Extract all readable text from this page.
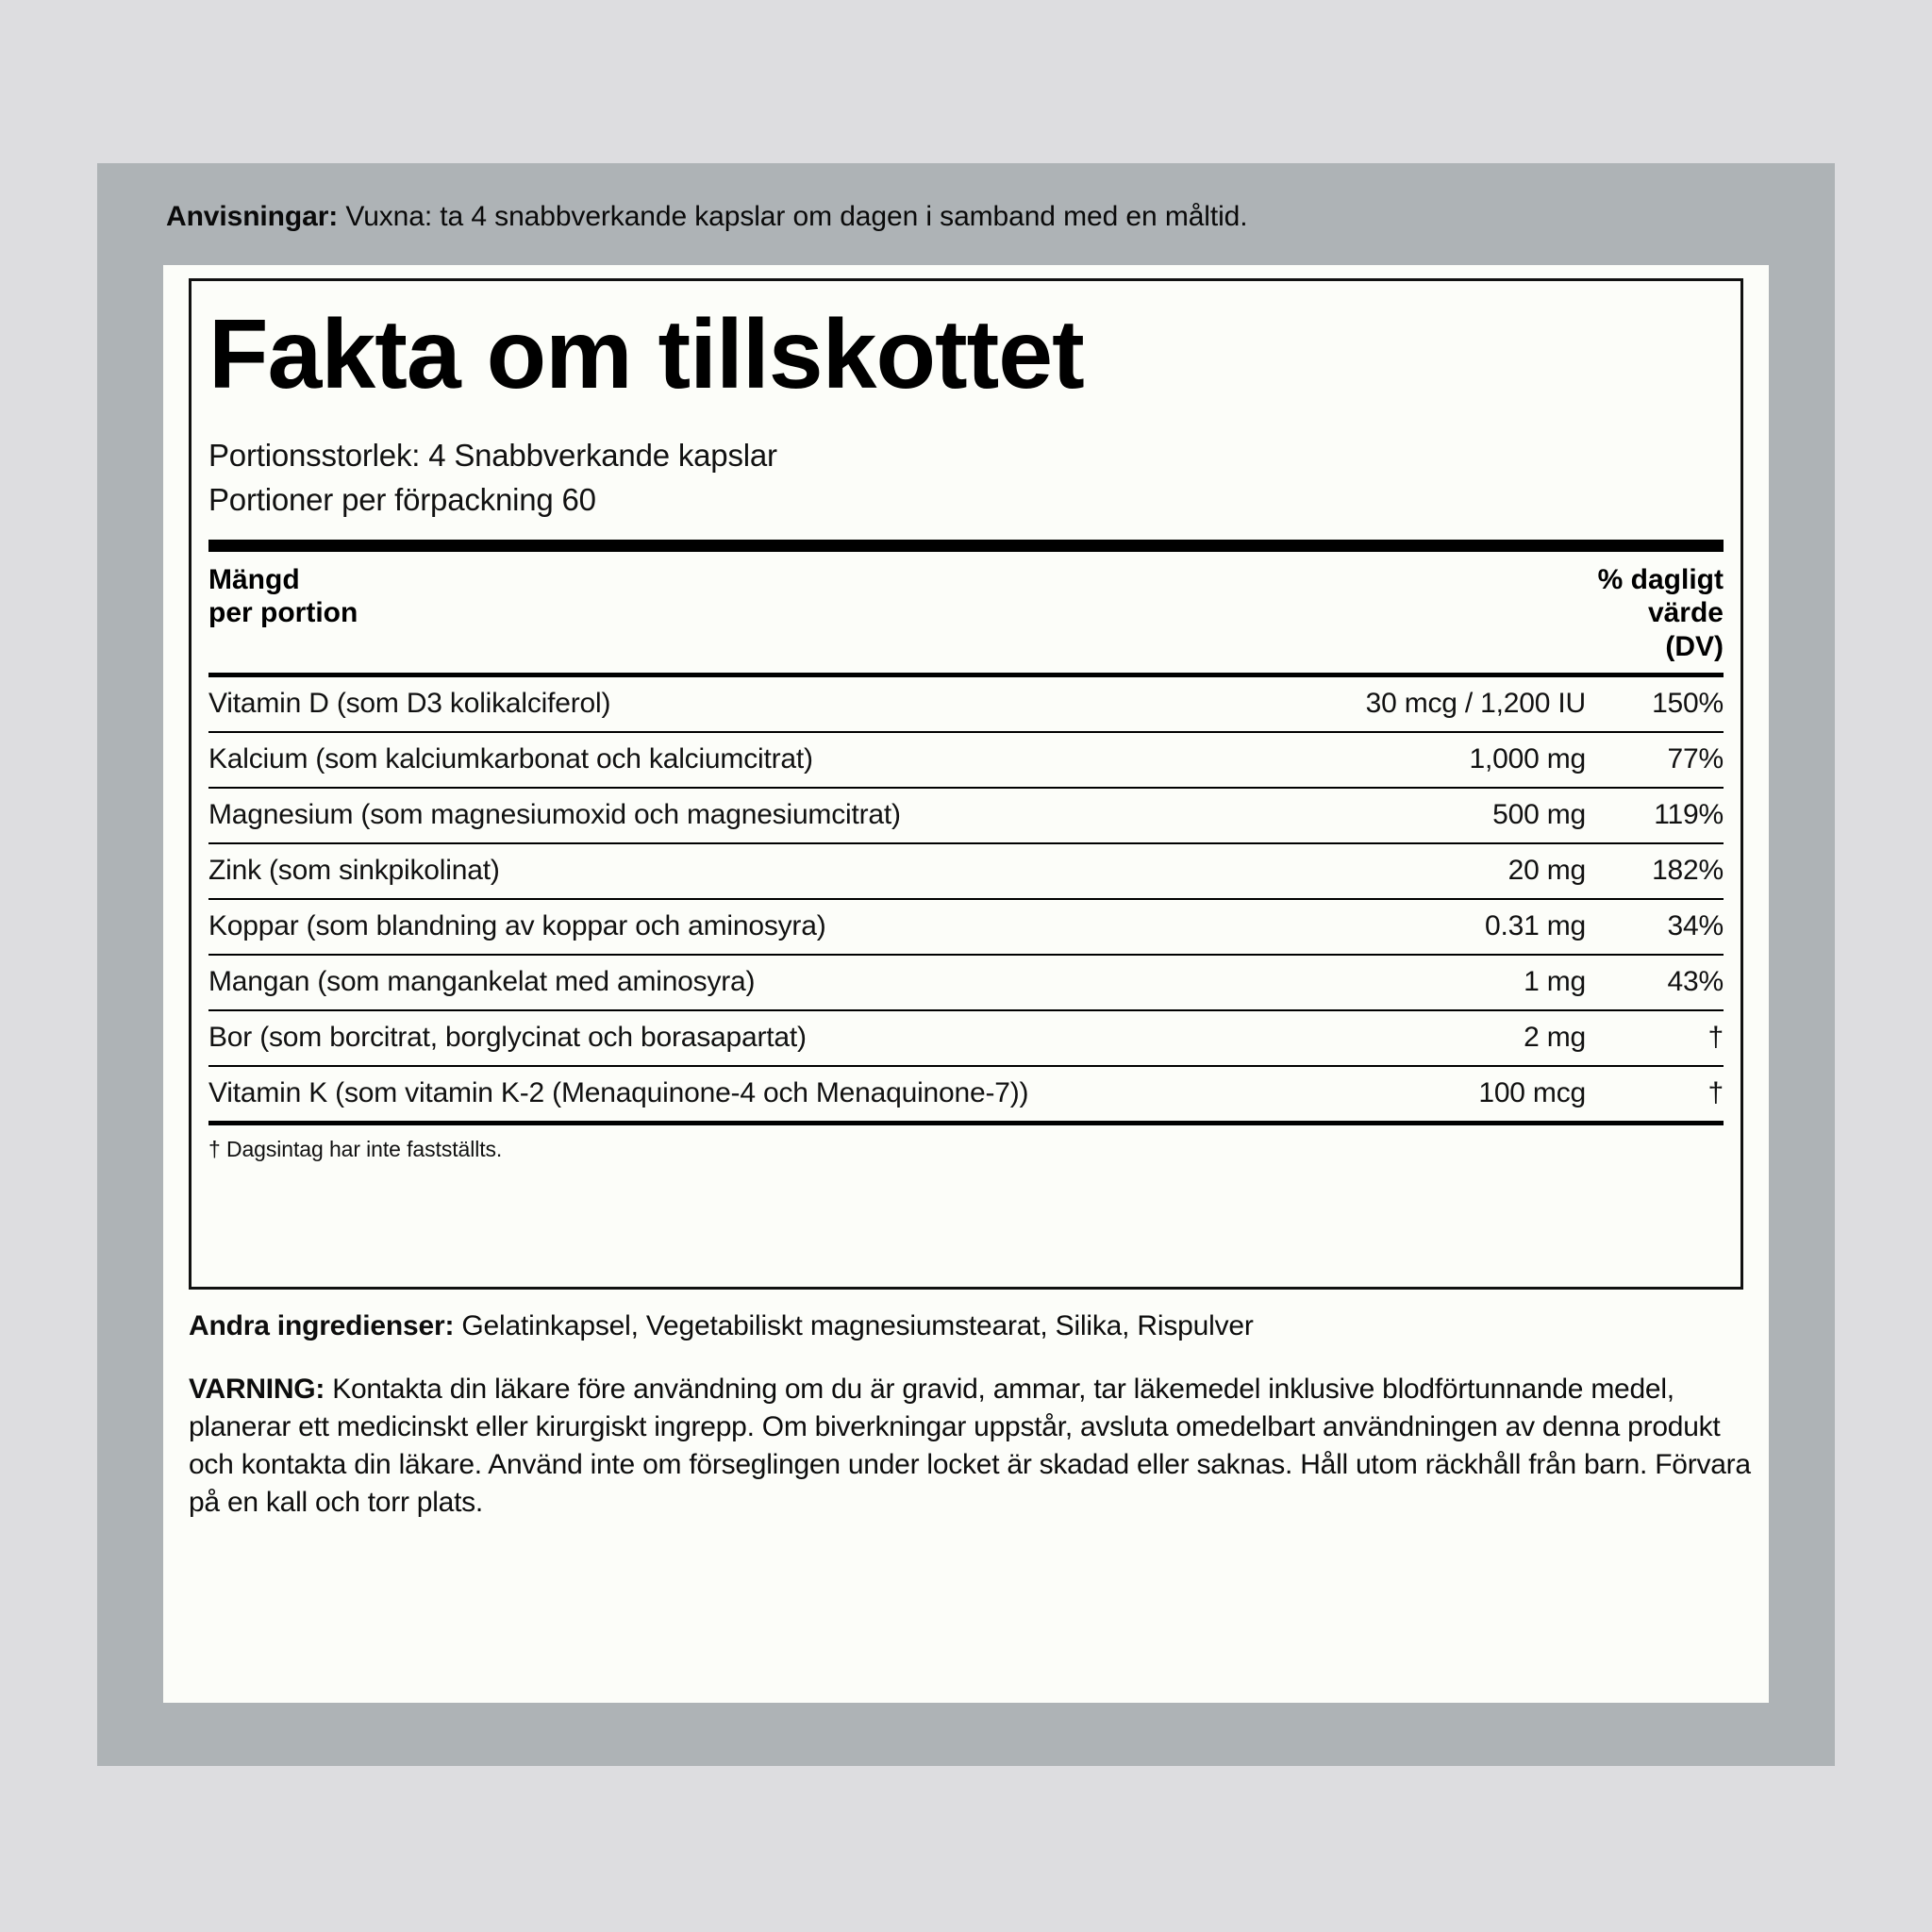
Anvisningar: Vuxna: ta 4 snabbverkande kapslar om dagen i samband med en måltid.
Fakta om tillskottet
Portionsstorlek: 4 Snabbverkande kapslar
Portioner per förpackning 60
Mängd
per portion
% dagligt
värde
(DV)
Vitamin D (som D3 kolikalciferol)	30 mcg / 1,200 IU	150%
Kalcium (som kalciumkarbonat och kalciumcitrat)	1,000 mg	77%
Magnesium (som magnesiumoxid och magnesiumcitrat)	500 mg	119%
Zink (som sinkpikolinat)	20 mg	182%
Koppar (som blandning av koppar och aminosyra)	0.31 mg	34%
Mangan (som mangankelat med aminosyra)	1 mg	43%
Bor (som borcitrat, borglycinat och borasapartat)	2 mg	†
Vitamin K (som vitamin K-2 (Menaquinone-4 och Menaquinone-7))	100 mcg	†
† Dagsintag har inte fastställts.
Andra ingredienser: Gelatinkapsel, Vegetabiliskt magnesiumstearat, Silika, Rispulver
VARNING: Kontakta din läkare före användning om du är gravid, ammar, tar läkemedel inklusive blodförtunnande medel, planerar ett medicinskt eller kirurgiskt ingrepp. Om biverkningar uppstår, avsluta omedelbart användningen av denna produkt och kontakta din läkare. Använd inte om förseglingen under locket är skadad eller saknas. Håll utom räckhåll från barn. Förvara på en kall och torr plats.
